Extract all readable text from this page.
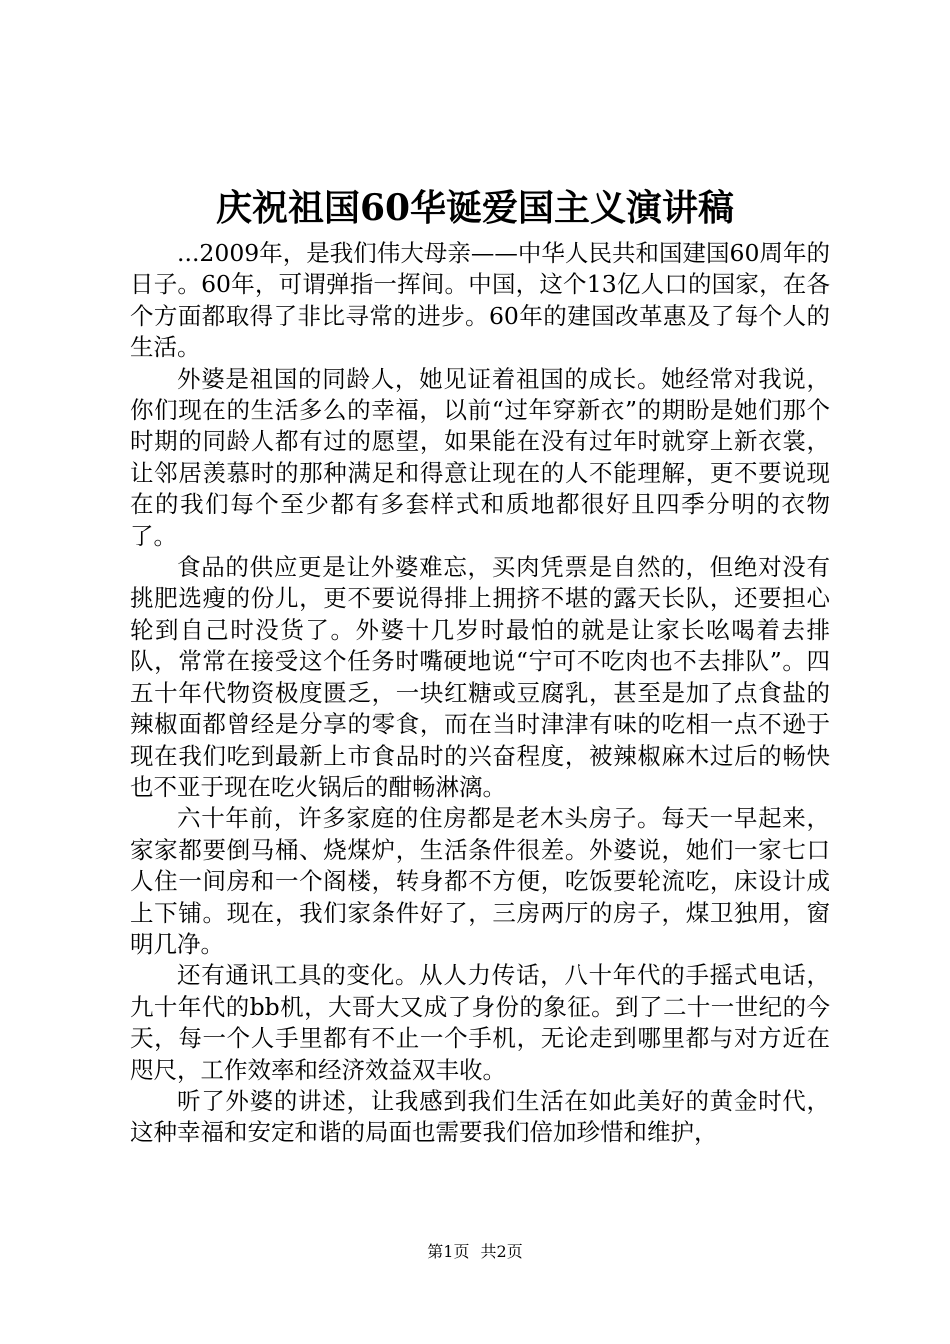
庆祝祖国60华诞爱国主义演讲稿

...2009年，是我们伟大母亲——中华人民共和国建国60周年的日子。60年，可谓弹指一挥间。中国，这个13亿人口的国家，在各个方面都取得了非比寻常的进步。60年的建国改革惠及了每个人的生活。

外婆是祖国的同龄人，她见证着祖国的成长。她经常对我说，你们现在的生活多么的幸福，以前“过年穿新衣”的期盼是她们那个时期的同龄人都有过的愿望，如果能在没有过年时就穿上新衣裳，让邻居羡慕时的那种满足和得意让现在的人不能理解，更不要说现在的我们每个至少都有多套样式和质地都很好且四季分明的衣物了。

食品的供应更是让外婆难忘，买肉凭票是自然的，但绝对没有挑肥选瘦的份儿，更不要说得排上拥挤不堪的露天长队，还要担心轮到自己时没货了。外婆十几岁时最怕的就是让家长吆喝着去排队，常常在接受这个任务时嘴硬地说“宁可不吃肉也不去排队”。四五十年代物资极度匮乏，一块红糖或豆腐乳，甚至是加了点食盐的辣椒面都曾经是分享的零食，而在当时津津有味的吃相一点不逊于现在我们吃到最新上市食品时的兴奋程度，被辣椒麻木过后的畅快也不亚于现在吃火锅后的酣畅淋漓。

六十年前，许多家庭的住房都是老木头房子。每天一早起来，家家都要倒马桶、烧煤炉，生活条件很差。外婆说，她们一家七口人住一间房和一个阁楼，转身都不方便，吃饭要轮流吃，床设计成上下铺。现在，我们家条件好了，三房两厅的房子，煤卫独用，窗明几净。

还有通讯工具的变化。从人力传话，八十年代的手摇式电话，九十年代的bb机，大哥大又成了身份的象征。到了二十一世纪的今天，每一个人手里都有不止一个手机，无论走到哪里都与对方近在咫尺，工作效率和经济效益双丰收。

听了外婆的讲述，让我感到我们生活在如此美好的黄金时代，这种幸福和安定和谐的局面也需要我们倍加珍惜和维护，

第1页 共2页
